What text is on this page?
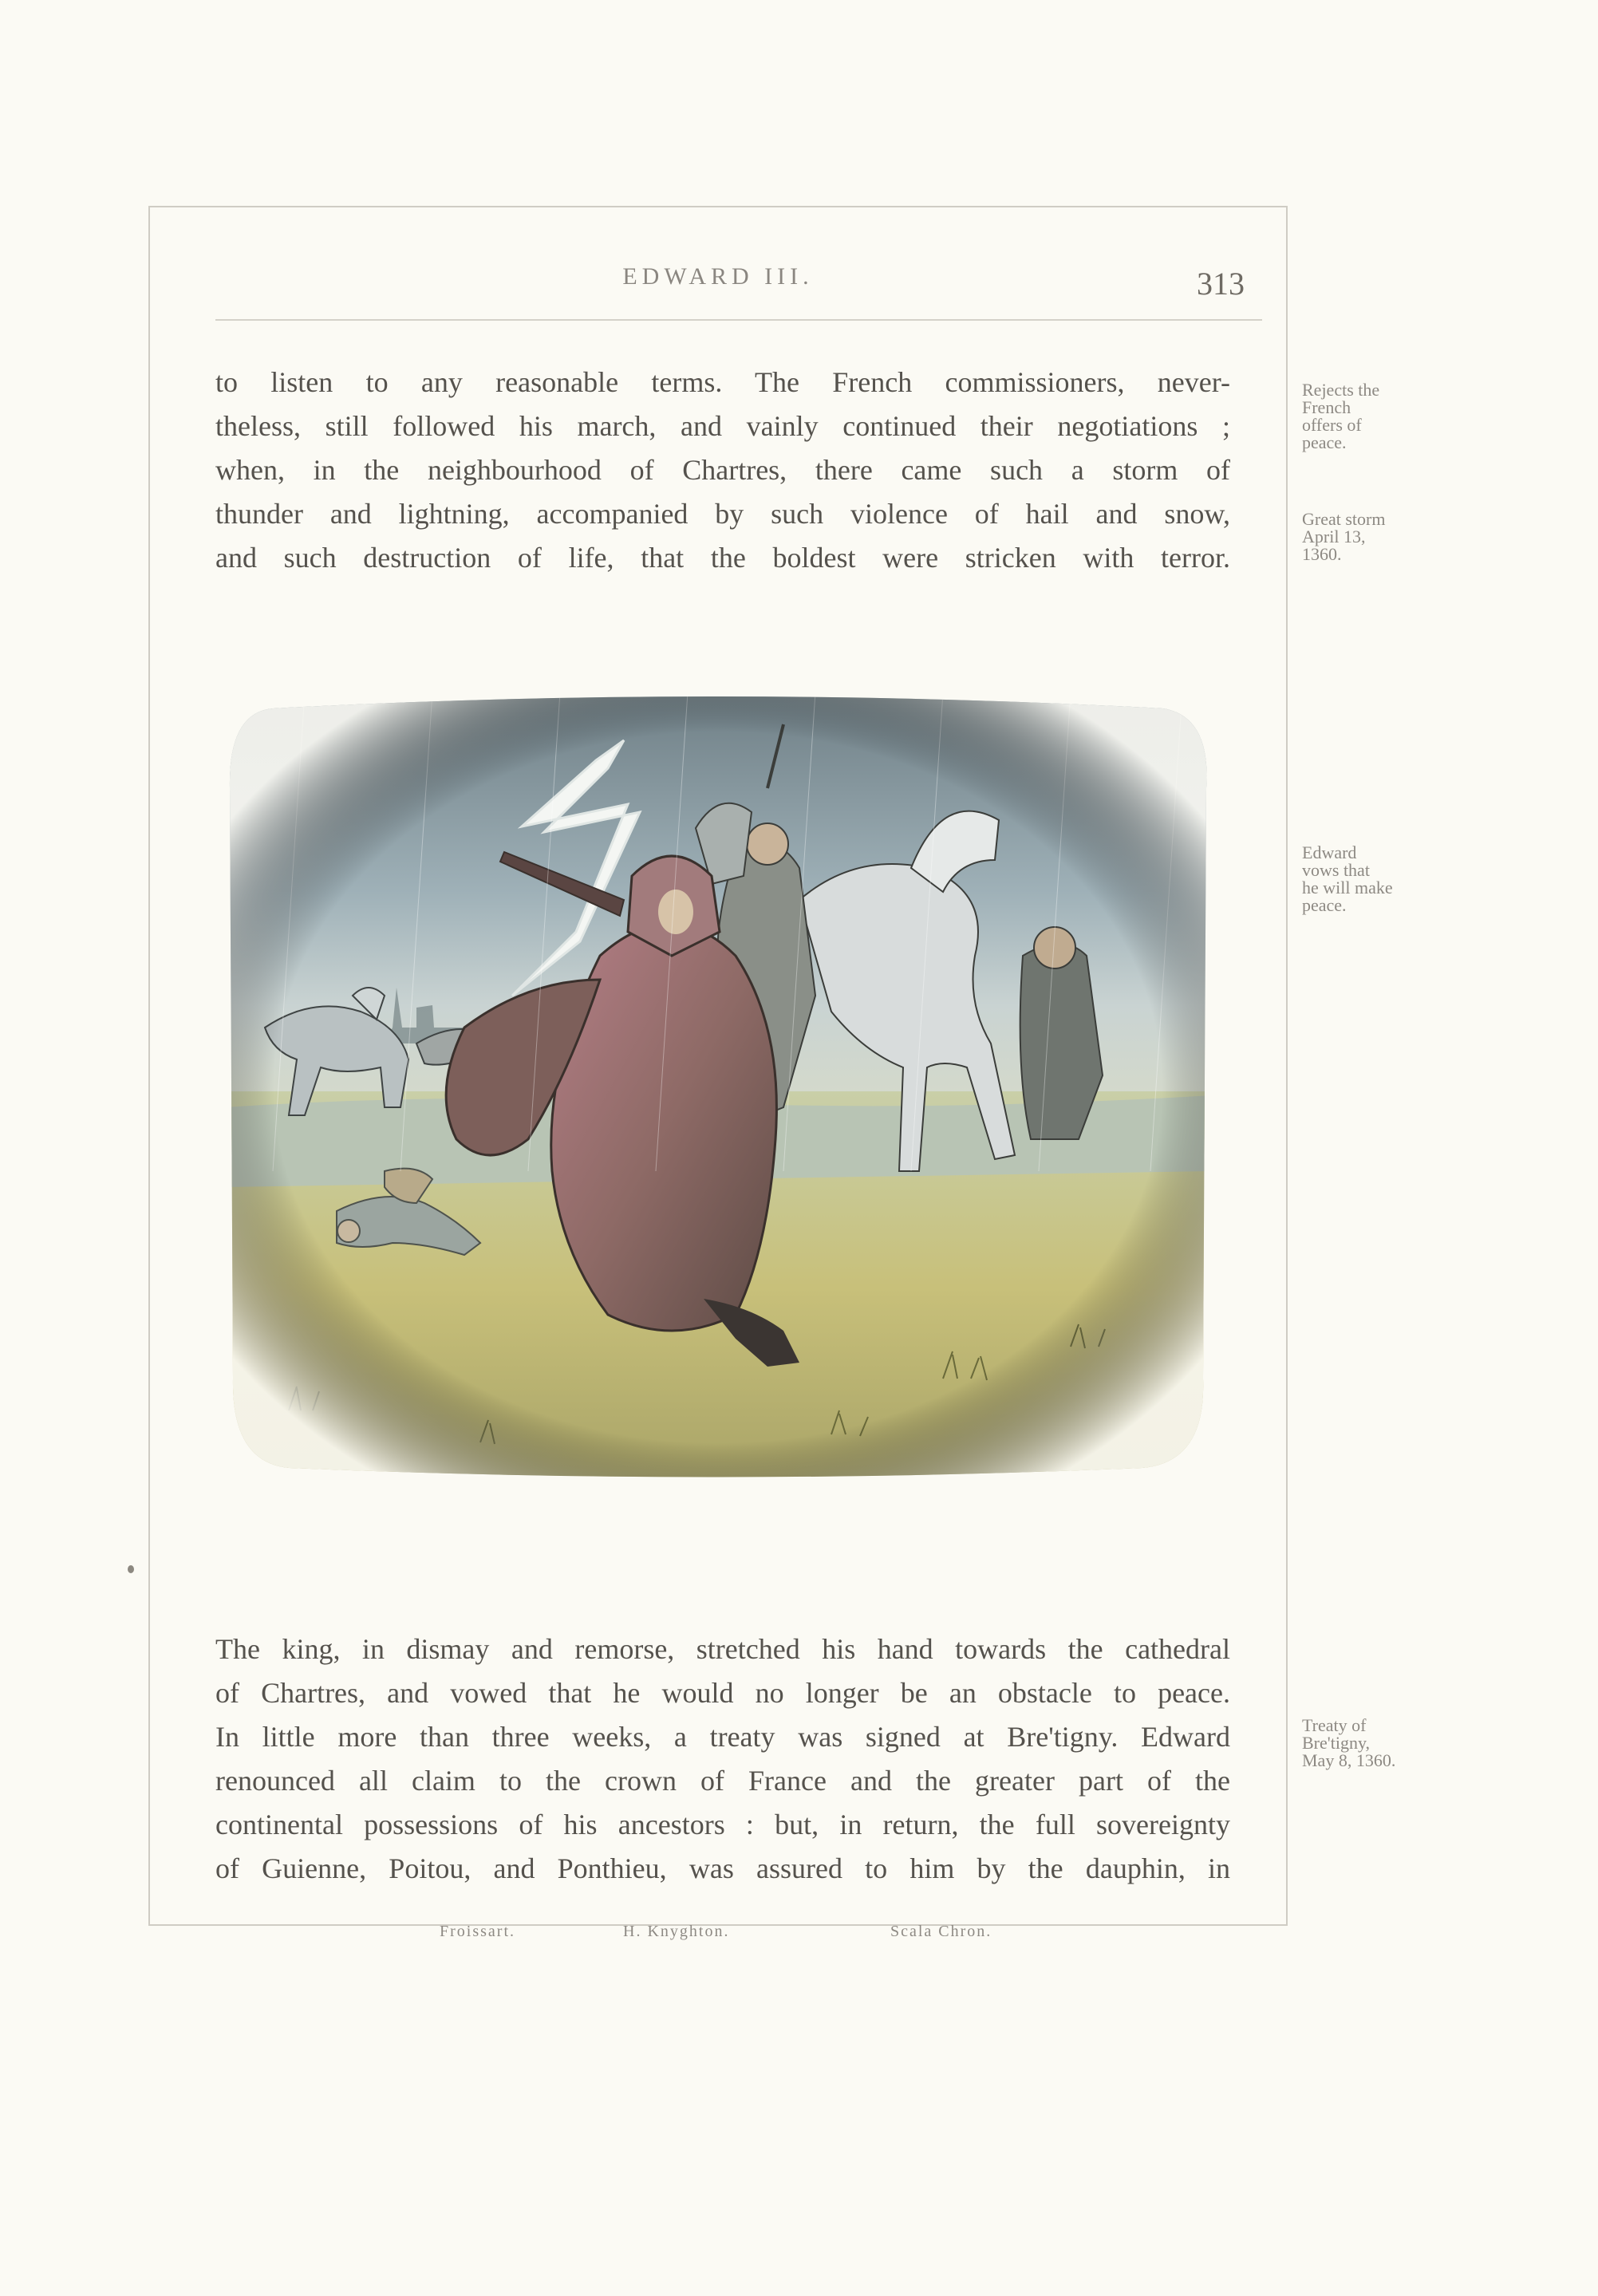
EDWARD III.	313
to listen to any reasonable terms. The French commissioners, never-
theless, still followed his march, and vainly continued their negotiations ;
when, in the neighbourhood of Chartres, there came such a storm of
thunder and lightning, accompanied by such violence of hail and snow,
and such destruction of life, that the boldest were stricken with terror.
Rejects the
French
offers of
peace.
Great storm
April 13,
1360.
Edward
vows that
he will make
peace.
Treaty of
Bre'tigny,
May 8, 1360.
The king, in dismay and remorse, stretched his hand towards the cathedral
of Chartres, and vowed that he would no longer be an obstacle to peace.
In little more than three weeks, a treaty was signed at Bre'tigny. Edward
renounced all claim to the crown of France and the greater part of the
continental possessions of his ancestors : but, in return, the full sovereignty
of Guienne, Poitou, and Ponthieu, was assured to him by the dauphin, in
Froissart.	H. Knyghton.	Scala Chron.
